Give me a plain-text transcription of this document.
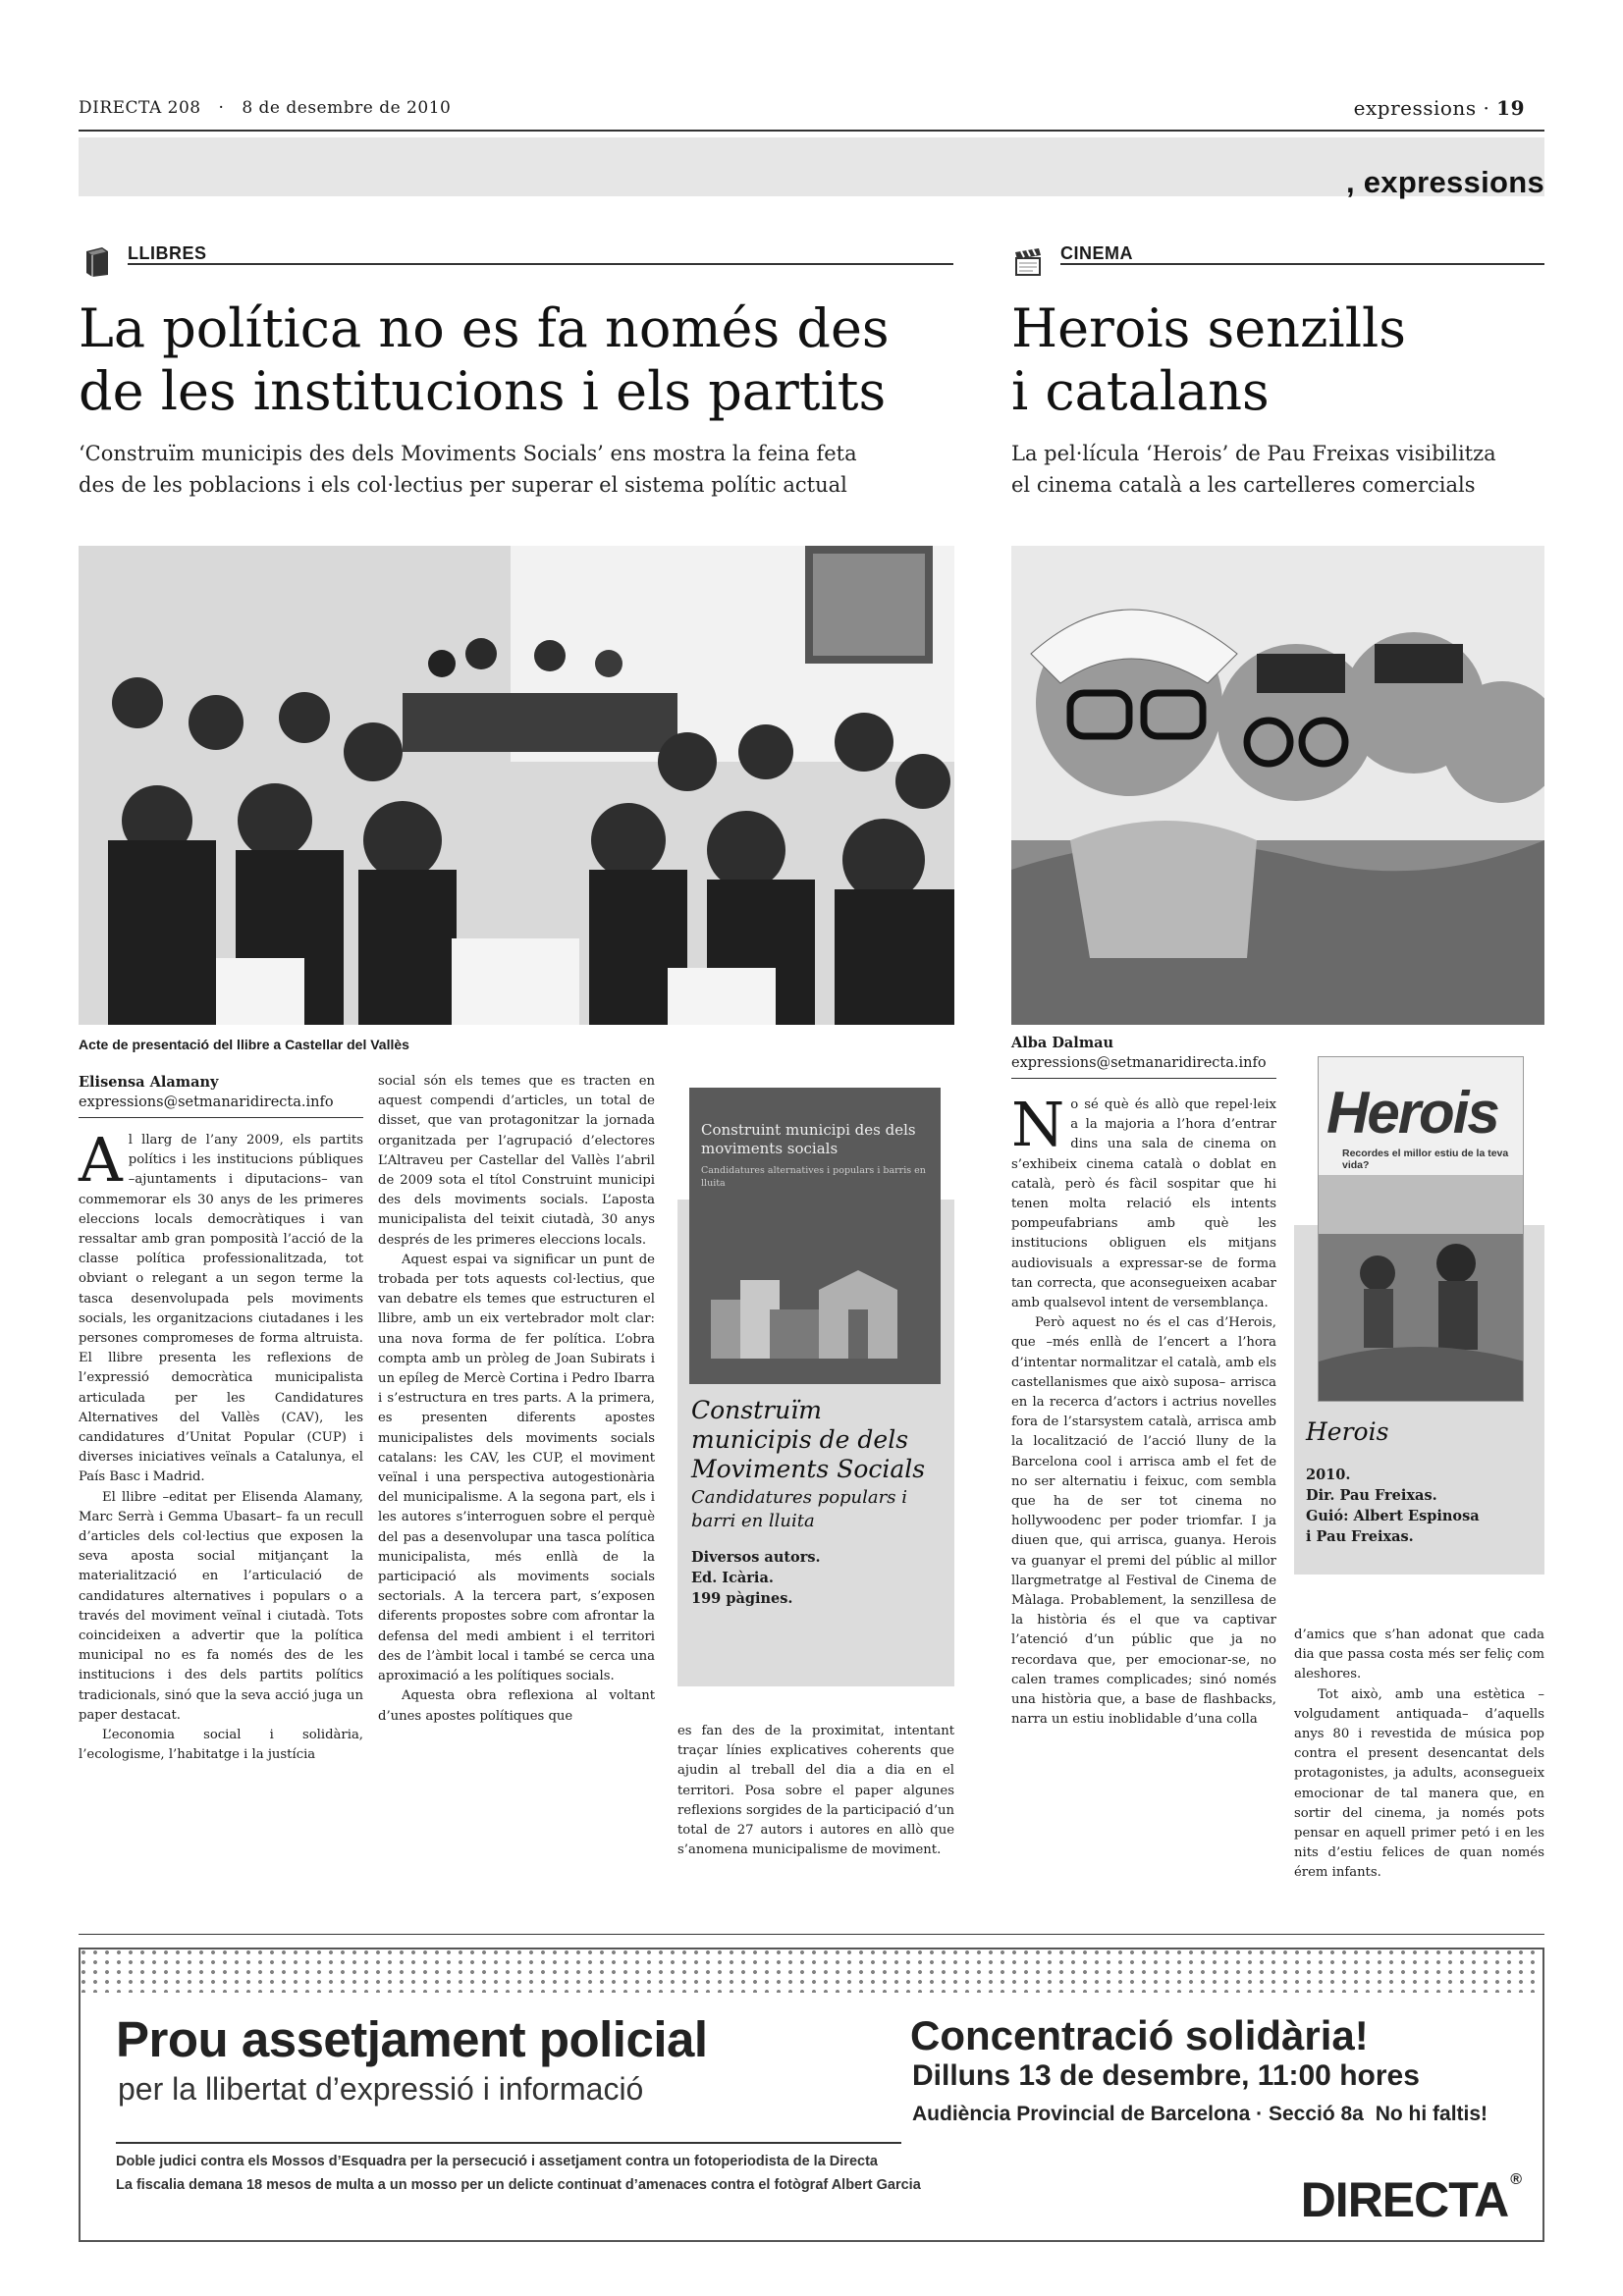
DIRECTA 208 · 8 de desembre de 2010	expressions · 19
, expressions
LLIBRES
La política no es fa només des
de les institucions i els partits
‘Construïm municipis des dels Moviments Socials’ ens mostra la feina feta
des de les poblacions i els col·lectius per superar el sistema polític actual
Acte de presentació del llibre a Castellar del Vallès
Elisensa Alamany
expressions@setmanaridirecta.info

Al llarg de l’any 2009, els partits polítics i les institucions públiques –ajuntaments i diputacions– van commemorar els 30 anys de les primeres eleccions locals democràtiques i van ressaltar amb gran pomposità l’acció de la classe política professionalitzada, tot obviant o relegant a un segon terme la tasca desenvolupada pels moviments socials, les organitzacions ciutadanes i les persones compromeses de forma altruista. El llibre presenta les reflexions de l’expressió democràtica municipalista articulada per les Candidatures Alternatives del Vallès (CAV), les candidatures d’Unitat Popular (CUP) i diverses iniciatives veïnals a Catalunya, el País Basc i Madrid.

El llibre –editat per Elisenda Alamany, Marc Serrà i Gemma Ubasart– fa un recull d’articles dels col·lectius que exposen la seva aposta social mitjançant la materialització en l’articulació de candidatures alternatives i populars o a través del moviment veïnal i ciutadà. Tots coincideixen a advertir que la política municipal no es fa només des de les institucions i des dels partits polítics tradicionals, sinó que la seva acció juga un paper destacat.

L’economia social i solidària, l’ecologisme, l’habitatge i la justícia

social són els temes que es tracten en aquest compendi d’articles, un total de disset, que van protagonitzar la jornada organitzada per l’agrupació d’electores L’Altraveu per Castellar del Vallès l’abril de 2009 sota el títol Construint municipi des dels moviments socials. L’aposta municipalista del teixit ciutadà, 30 anys després de les primeres eleccions locals.

Aquest espai va significar un punt de trobada per tots aquests col·lectius, que van debatre els temes que estructuren el llibre, amb un eix vertebrador molt clar: una nova forma de fer política. L’obra compta amb un pròleg de Joan Subirats i un epíleg de Mercè Cortina i Pedro Ibarra i s’estructura en tres parts. A la primera, es presenten diferents apostes municipalistes dels moviments socials catalans: les CAV, les CUP, el moviment veïnal i una perspectiva autogestionària del municipalisme. A la segona part, els i les autores s’interroguen sobre el perquè del pas a desenvolupar una tasca política municipalista, més enllà de la participació als moviments socials sectorials. A la tercera part, s’exposen diferents propostes sobre com afrontar la defensa del medi ambient i el territori des de l’àmbit local i també se cerca una aproximació a les polítiques socials.

Aquesta obra reflexiona al voltant d’unes apostes polítiques que

Construint municipi des dels moviments socials
Candidatures alternatives i populars i barris en lluita
Construïm municipis de dels Moviments Socials
Candidatures populars i barri en lluita
Diversos autors.
Ed. Icària.
199 pàgines.

es fan des de la proximitat, intentant traçar línies explicatives coherents que ajudin al treball del dia a dia en el territori. Posa sobre el paper algunes reflexions sorgides de la participació d’un total de 27 autors i autores en allò que s’anomena municipalisme de moviment.

CINEMA
Herois senzills
i catalans
La pel·lícula ‘Herois’ de Pau Freixas visibilitza
el cinema català a les cartelleres comercials
Alba Dalmau
expressions@setmanaridirecta.info

No sé què és allò que repel·leix a la majoria a l’hora d’entrar dins una sala de cinema on s’exhibeix cinema català o doblat en català, però és fàcil sospitar que hi tenen molta relació els intents pompeufabrians amb què les institucions obliguen els mitjans audiovisuals a expressar-se de forma tan correcta, que aconsegueixen acabar amb qualsevol intent de versemblança.

Però aquest no és el cas d’Herois, que –més enllà de l’encert a l’hora d’intentar normalitzar el català, amb els castellanismes que això suposa– arrisca en la recerca d’actors i actrius novelles fora de l’starsystem català, arrisca amb la localització de l’acció lluny de la Barcelona cool i arrisca amb el fet de no ser alternatiu i feixuc, com sembla que ha de ser tot cinema no hollywoodenc per poder triomfar. I ja diuen que, qui arrisca, guanya. Herois va guanyar el premi del públic al millor llargmetratge al Festival de Cinema de Màlaga. Probablement, la senzillesa de la història és el que va captivar l’atenció d’un públic que ja no recordava que, per emocionar-se, no calen trames complicades; sinó només una història que, a base de flashbacks, narra un estiu inoblidable d’una colla

Herois
Recordes el millor estiu de la teva vida?
Herois
2010.
Dir. Pau Freixas.
Guió: Albert Espinosa
i Pau Freixas.

d’amics que s’han adonat que cada dia que passa costa més ser feliç com aleshores.

Tot això, amb una estètica –volgudament antiquada– d’aquells anys 80 i revestida de música pop contra el present desencantat dels protagonistes, ja adults, aconsegueix emocionar de tal manera que, en sortir del cinema, ja només pots pensar en aquell primer petó i en les nits d’estiu felices de quan només érem infants.

Prou assetjament policial
per la llibertat d’expressió i informació
Doble judici contra els Mossos d’Esquadra per la persecució i assetjament contra un fotoperiodista de la Directa
La fiscalia demana 18 mesos de multa a un mosso per un delicte continuat d’amenaces contra el fotògraf Albert Garcia
Concentració solidària!
Dilluns 13 de desembre, 11:00 hores
Audiència Provincial de Barcelona · Secció 8a No hi faltis!
DIRECTA ®
